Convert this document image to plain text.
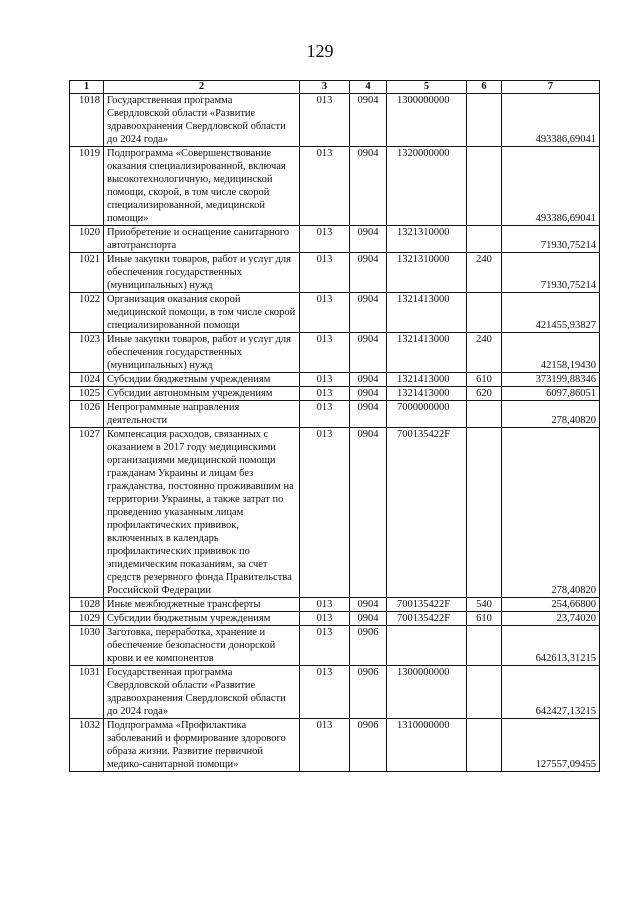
129
1	2	3	4	5	6	7
1018	Государственная программа Свердловской области «Развитие здравоохранения Свердловской области до 2024 года»	013	0904	1300000000		493386,69041
1019	Подпрограмма «Совершенствование оказания специализированной, включая высокотехнологичную, медицинской помощи, скорой, в том числе скорой специализированной, медицинской помощи»	013	0904	1320000000		493386,69041
1020	Приобретение и оснащение санитарного автотранспорта	013	0904	1321310000		71930,75214
1021	Иные закупки товаров, работ и услуг для обеспечения государственных (муниципальных) нужд	013	0904	1321310000	240	71930,75214
1022	Организация оказания скорой медицинской помощи, в том числе скорой специализированной помощи	013	0904	1321413000		421455,93827
1023	Иные закупки товаров, работ и услуг для обеспечения государственных (муниципальных) нужд	013	0904	1321413000	240	42158,19430
1024	Субсидии бюджетным учреждениям	013	0904	1321413000	610	373199,88346
1025	Субсидии автономным учреждениям	013	0904	1321413000	620	6097,86051
1026	Непрограммные направления деятельности	013	0904	7000000000		278,40820
1027	Компенсация расходов, связанных с оказанием в 2017 году медицинскими организациями медицинской помощи гражданам Украины и лицам без гражданства, постоянно проживавшим на территории Украины, а также затрат по проведению указанным лицам профилактических прививок, включенных в календарь профилактических прививок по эпидемическим показаниям, за счет средств резервного фонда Правительства Российской Федерации	013	0904	700135422F		278,40820
1028	Иные межбюджетные трансферты	013	0904	700135422F	540	254,66800
1029	Субсидии бюджетным учреждениям	013	0904	700135422F	610	23,74020
1030	Заготовка, переработка, хранение и обеспечение безопасности донорской крови и ее компонентов	013	0906			642613,31215
1031	Государственная программа Свердловской области «Развитие здравоохранения Свердловской области до 2024 года»	013	0906	1300000000		642427,13215
1032	Подпрограмма «Профилактика заболеваний и формирование здорового образа жизни. Развитие первичной медико-санитарной помощи»	013	0906	1310000000		127557,09455
